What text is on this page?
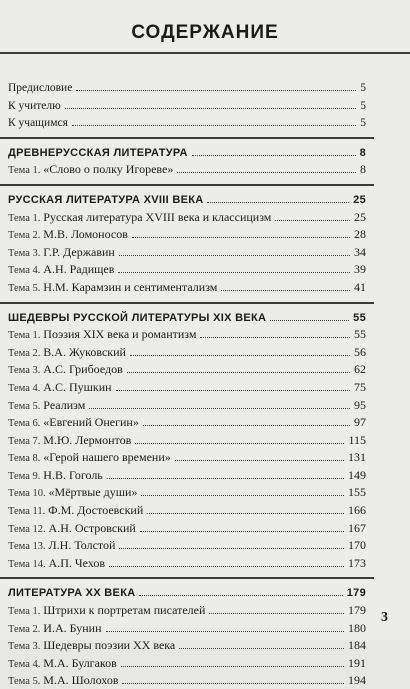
СОДЕРЖАНИЕ
Предисловие	5
К учителю	5
К учащимся	5
ДРЕВНЕРУССКАЯ ЛИТЕРАТУРА	8
Тема 1. «Слово о полку Игореве»	8
РУССКАЯ ЛИТЕРАТУРА XVIII ВЕКА	25
Тема 1. Русская литература XVIII века и классицизм	25
Тема 2. М.В. Ломоносов	28
Тема 3. Г.Р. Державин	34
Тема 4. А.Н. Радищев	39
Тема 5. Н.М. Карамзин и сентиментализм	41
ШЕДЕВРЫ РУССКОЙ ЛИТЕРАТУРЫ XIX ВЕКА	55
Тема 1. Поэзия XIX века и романтизм	55
Тема 2. В.А. Жуковский	56
Тема 3. А.С. Грибоедов	62
Тема 4. А.С. Пушкин	75
Тема 5. Реализм	95
Тема 6. «Евгений Онегин»	97
Тема 7. М.Ю. Лермонтов	115
Тема 8. «Герой нашего времени»	131
Тема 9. Н.В. Гоголь	149
Тема 10. «Мёртвые души»	155
Тема 11. Ф.М. Достоевский	166
Тема 12. А.Н. Островский	167
Тема 13. Л.Н. Толстой	170
Тема 14. А.П. Чехов	173
ЛИТЕРАТУРА XX ВЕКА	179
Тема 1. Штрихи к портретам писателей	179
Тема 2. И.А. Бунин	180
Тема 3. Шедевры поэзии XX века	184
Тема 4. М.А. Булгаков	191
Тема 5. М.А. Шолохов	194
3
